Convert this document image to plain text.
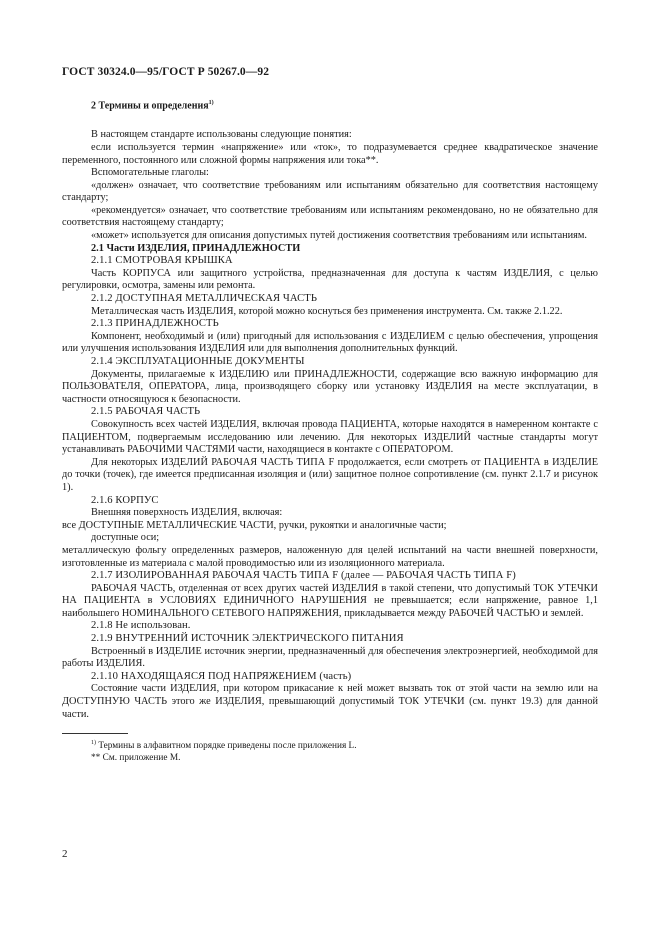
ГОСТ 30324.0—95/ГОСТ Р 50267.0—92
2 Термины и определения$^{1)}$
В настоящем стандарте использованы следующие понятия:
если используется термин «напряжение» или «ток», то подразумевается среднее квадратическое значение переменного, постоянного или сложной формы напряжения или тока**.
Вспомогательные глаголы:
«должен» означает, что соответствие требованиям или испытаниям обязательно для соответствия настоящему стандарту;
«рекомендуется» означает, что соответствие требованиям или испытаниям рекомендовано, но не обязательно для соответствия настоящему стандарту;
«может» используется для описания допустимых путей достижения соответствия требованиям или испытаниям.
2.1 Части ИЗДЕЛИЯ, ПРИНАДЛЕЖНОСТИ
2.1.1 СМОТРОВАЯ КРЫШКА
Часть КОРПУСА или защитного устройства, предназначенная для доступа к частям ИЗДЕЛИЯ, с целью регулировки, осмотра, замены или ремонта.
2.1.2 ДОСТУПНАЯ МЕТАЛЛИЧЕСКАЯ ЧАСТЬ
Металлическая часть ИЗДЕЛИЯ, которой можно коснуться без применения инструмента. См. также 2.1.22.
2.1.3 ПРИНАДЛЕЖНОСТЬ
Компонент, необходимый и (или) пригодный для использования с ИЗДЕЛИЕМ с целью обеспечения, упрощения или улучшения использования ИЗДЕЛИЯ или для выполнения дополнительных функций.
2.1.4 ЭКСПЛУАТАЦИОННЫЕ ДОКУМЕНТЫ
Документы, прилагаемые к ИЗДЕЛИЮ или ПРИНАДЛЕЖНОСТИ, содержащие всю важную информацию для ПОЛЬЗОВАТЕЛЯ, ОПЕРАТОРА, лица, производящего сборку или установку ИЗДЕЛИЯ на месте эксплуатации, в частности относящуюся к безопасности.
2.1.5 РАБОЧАЯ ЧАСТЬ
Совокупность всех частей ИЗДЕЛИЯ, включая провода ПАЦИЕНТА, которые находятся в намеренном контакте с ПАЦИЕНТОМ, подвергаемым исследованию или лечению. Для некоторых ИЗДЕЛИЙ частные стандарты могут устанавливать РАБОЧИМИ ЧАСТЯМИ части, находящиеся в контакте с ОПЕРАТОРОМ.
Для некоторых ИЗДЕЛИЙ РАБОЧАЯ ЧАСТЬ ТИПА F продолжается, если смотреть от ПАЦИЕНТА в ИЗДЕЛИЕ до точки (точек), где имеется предписанная изоляция и (или) защитное полное сопротивление (см. пункт 2.1.7 и рисунок 1).
2.1.6 КОРПУС
Внешняя поверхность ИЗДЕЛИЯ, включая:
все ДОСТУПНЫЕ МЕТАЛЛИЧЕСКИЕ ЧАСТИ, ручки, рукоятки и аналогичные части;
доступные оси;
металлическую фольгу определенных размеров, наложенную для целей испытаний на части внешней поверхности, изготовленные из материала с малой проводимостью или из изоляционного материала.
2.1.7 ИЗОЛИРОВАННАЯ РАБОЧАЯ ЧАСТЬ ТИПА F (далее — РАБОЧАЯ ЧАСТЬ ТИПА F)
РАБОЧАЯ ЧАСТЬ, отделенная от всех других частей ИЗДЕЛИЯ в такой степени, что допустимый ТОК УТЕЧКИ НА ПАЦИЕНТА в УСЛОВИЯХ ЕДИНИЧНОГО НАРУШЕНИЯ не превышается; если напряжение, равное 1,1 наибольшего НОМИНАЛЬНОГО СЕТЕВОГО НАПРЯЖЕНИЯ, прикладывается между РАБОЧЕЙ ЧАСТЬЮ и землей.
2.1.8 Не использован.
2.1.9 ВНУТРЕННИЙ ИСТОЧНИК ЭЛЕКТРИЧЕСКОГО ПИТАНИЯ
Встроенный в ИЗДЕЛИЕ источник энергии, предназначенный для обеспечения электроэнергией, необходимой для работы ИЗДЕЛИЯ.
2.1.10 НАХОДЯЩАЯСЯ ПОД НАПРЯЖЕНИЕМ (часть)
Состояние части ИЗДЕЛИЯ, при котором прикасание к ней может вызвать ток от этой части на землю или на ДОСТУПНУЮ ЧАСТЬ этого же ИЗДЕЛИЯ, превышающий допустимый ТОК УТЕЧКИ (см. пункт 19.3) для данной части.
$^{1)}$ Термины в алфавитном порядке приведены после приложения L.
** См. приложение М.
2
